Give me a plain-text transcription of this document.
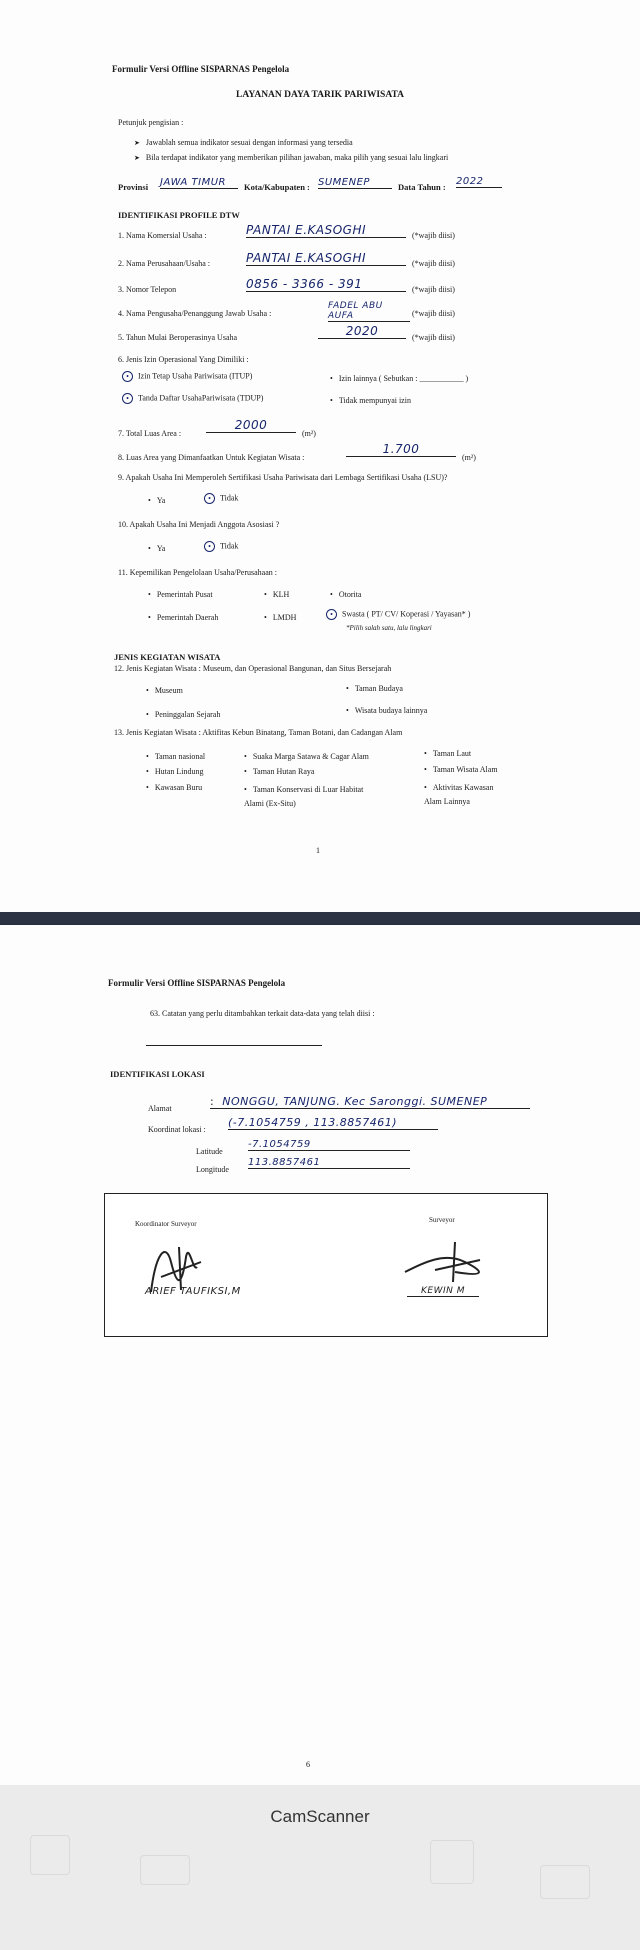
Formulir Versi Offline SISPARNAS Pengelola
LAYANAN DAYA TARIK PARIWISATA
Petunjuk pengisian :
➤ Jawablah semua indikator sesuai dengan informasi yang tersedia
➤ Bila terdapat indikator yang memberikan pilihan jawaban, maka pilih yang sesuai lalu lingkari
Provinsi JAWA TIMUR	Kota/Kabupaten : SUMENEP	Data Tahun : 2022
IDENTIFIKASI PROFILE DTW
1. Nama Komersial Usaha :	PANTAI E.KASOGHI	(*wajib diisi)
2. Nama Perusahaan/Usaha :	PANTAI E.KASOGHI	(*wajib diisi)
3. Nomor Telepon	0856 - 3366 - 391	(*wajib diisi)
4. Nama Pengusaha/Penanggung Jawab Usaha :
FADEL ABU AUFA	(*wajib diisi)
5. Tahun Mulai Beroperasinya Usaha	2020	(*wajib diisi)
6. Jenis Izin Operasional Yang Dimiliki :
• Izin Tetap Usaha Pariwisata (ITUP)	• Izin lainnya ( Sebutkan : ___________ )
• Tanda Daftar UsahaPariwisata (TDUP)	• Tidak mempunyai izin
7. Total Luas Area :
2000
(m²)
8. Luas Area yang Dimanfaatkan Untuk Kegiatan Wisata :
1.700
(m²)
9. Apakah Usaha Ini Memperoleh Sertifikasi Usaha Pariwisata dari Lembaga Sertifikasi Usaha (LSU)?
• Ya	• Tidak
10. Apakah Usaha Ini Menjadi Anggota Asosiasi ?
• Ya	• Tidak
11. Kepemilikan Pengelolaan Usaha/Perusahaan :
• Pemerintah Pusat	• KLH	• Otorita
• Pemerintah Daerah	• LMDH	• Swasta ( PT/ CV/ Koperasi / Yayasan* )
*Pilih salah satu, lalu lingkari
JENIS KEGIATAN WISATA
12. Jenis Kegiatan Wisata : Museum, dan Operasional Bangunan, dan Situs Bersejarah
• Museum	• Taman Budaya
• Peninggalan Sejarah	• Wisata budaya lainnya
13. Jenis Kegiatan Wisata : Aktifitas Kebun Binatang, Taman Botani, dan Cadangan Alam
• Taman nasional
• Hutan Lindung
• Kawasan Buru
• Suaka Marga Satawa & Cagar Alam
• Taman Hutan Raya
• Taman Konservasi di Luar Habitat Alami (Ex-Situ)
• Taman Laut
• Taman Wisata Alam
• Aktivitas Kawasan Alam Lainnya
1
Formulir Versi Offline SISPARNAS Pengelola
63. Catatan yang perlu ditambahkan terkait data-data yang telah diisi :
IDENTIFIKASI LOKASI
Alamat
: NONGGU, TANJUNG. Kec Saronggi. SUMENEP
Koordinat lokasi :
(-7.1054759 , 113.8857461)
Latitude
-7.1054759
Longitude
113.8857461
6
Koordinator Surveyor	Surveyor
ARIEF TAUFIKSI,M	KEWIN M
CamScanner
